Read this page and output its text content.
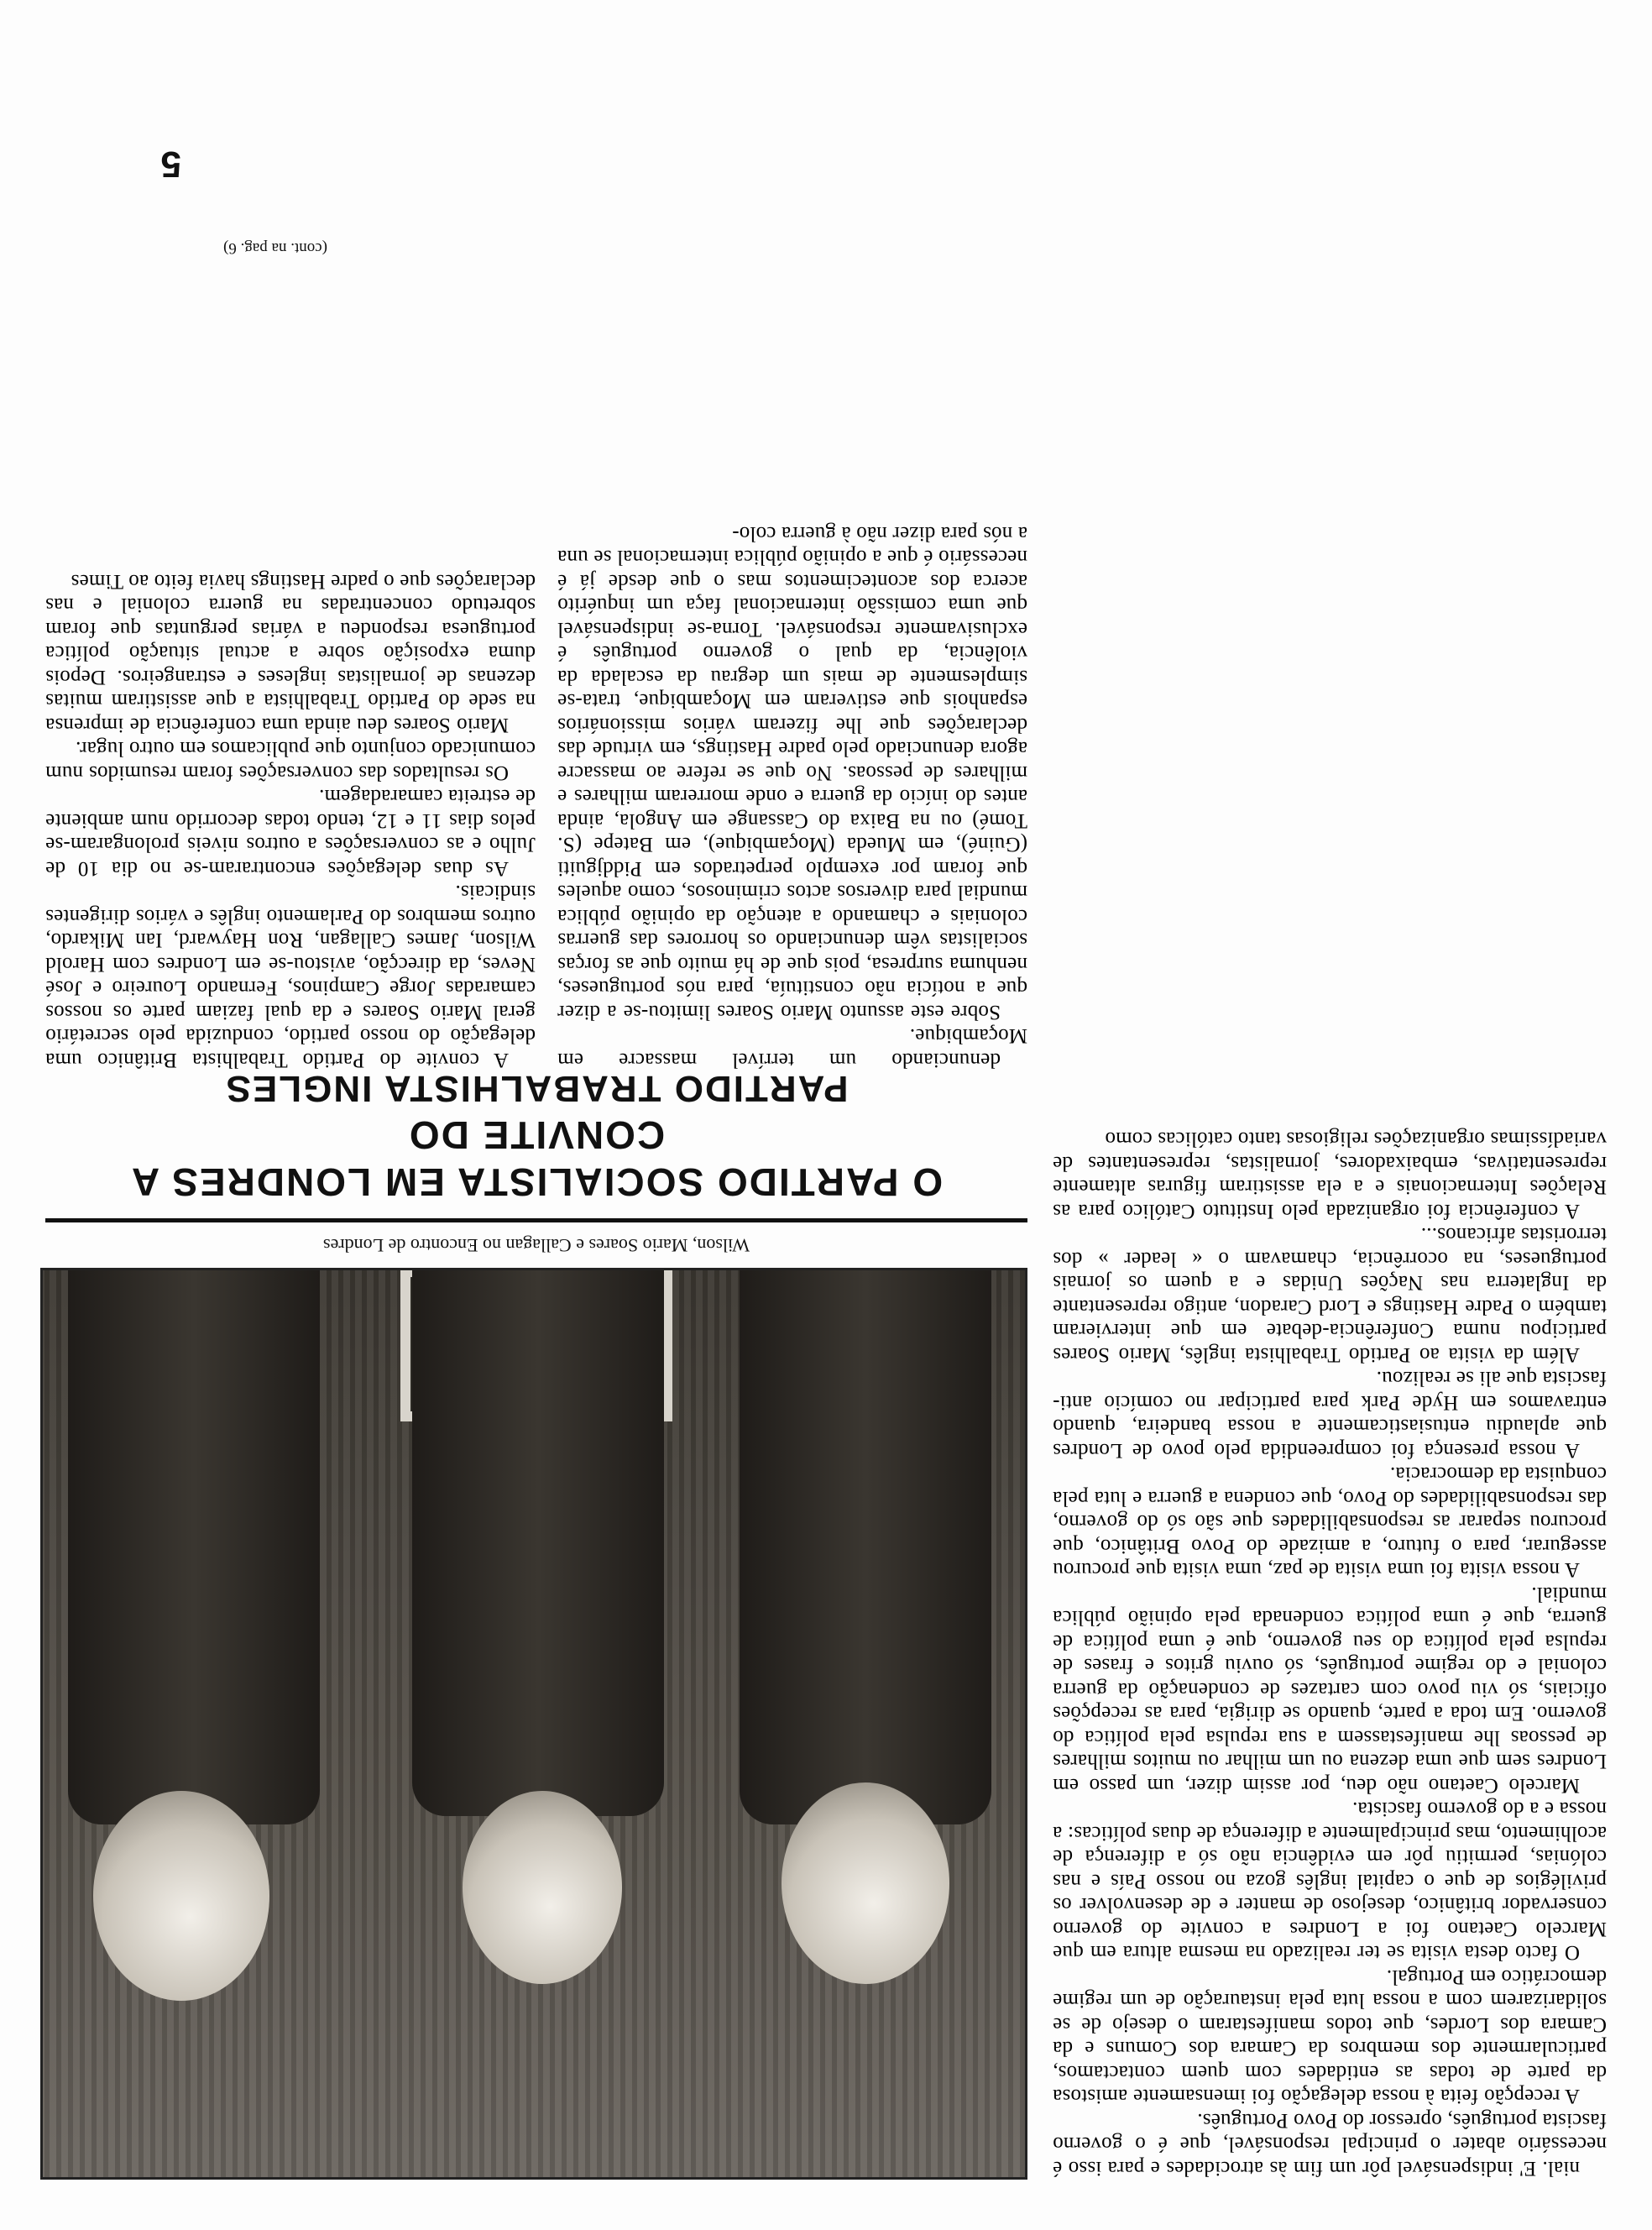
Wilson, Mario Soares e Callagan no Encontro de Londres
O PARTIDO SOCIALISTA EM LONDRES A CONVITE DO
PARTIDO TRABALHISTA INGLES
5
(cont. na pag. 6)

A convite do Partido Trabalhista Britânico uma delegação do nosso partido, conduzida pelo secretário geral Mario Soares e da qual faziam parte os nossos camaradas Jorge Campinos, Fernando Loureiro e José Neves, da direcção, avistou-se em Londres com Harold Wilson, James Callagan, Ron Hayward, Ian Mikardo, outros membros do Parlamento inglês e vários dirigentes sindicais.

As duas delegações encontraram-se no dia 10 de Julho e as conversações a outros niveis prolongaram-se pelos dias 11 e 12, tendo todas decorrido num ambiente de estreita camaradagem.

Os resultados das conversações foram resumidos num comunicado conjunto que publicamos em outro lugar.

Mario Soares deu ainda uma conferência de imprensa na sede do Partido Trabalhista a que assistiram muitas dezenas de jornalistas ingleses e estrangeiros. Depois duma exposição sobre a actual situação política portuguesa respondeu a várias perguntas que foram sobretudo concentradas na guerra colonial e nas declarações que o padre Hastings havia feito ao Times

denunciando um terrível massacre em Moçambique.

Sobre este assunto Mario Soares limitou-se a dizer que a notícia não constituía, para nós portugueses, nenhuma surpresa, pois que de há muito que as forças socialistas vêm denunciando os horrores das guerras coloniais e chamando a atenção da opinião pública mundial para diversos actos criminosos, como aqueles que foram por exemplo perpetrados em Piddjguiti (Guiné), em Mueda (Moçambique), em Batepe (S. Tomé) ou na Baixa do Cassange em Angola, ainda antes do início da guerra e onde morreram milhares e milhares de pessoas. No que se refere ao massacre agora denunciado pelo padre Hastings, em virtude das declarações que lhe fizeram vários missionários espanhois que estiveram em Moçambique, trata-se simplesmente de mais um degrau da escalada da violência, da qual o governo português é exclusivamente responsável. Torna-se indispensável que uma comissão internacional faça um inquérito acerca dos acontecimentos mas o que desde já é necessário é que a opinião pública internacional se una a nós para dizer não à guerra colo-

nial. E' indispensável pôr um fim às atrocidades e para isso é necessário abater o principal responsável, que é o governo fascista português, opressor do Povo Português.

A recepção feita à nossa delegação foi imensamente amistosa da parte de todas as entidades com quem contactamos, particularmente dos membros da Camara dos Comuns e da Camara dos Lordes, que todos manifestaram o desejo de se solidarizarem com a nossa luta pela instauração de um regime democrático em Portugal.

O facto desta visita se ter realizado na mesma altura em que Marcelo Caetano foi a Londres a convite do governo conservador britânico, desejoso de manter e de desenvolver os privilégios de que o capital inglês goza no nosso País e nas colónias, permitiu pôr em evidência não só a diferença de acolhimento, mas principalmente a diferença de duas políticas: a nossa e a do governo fascista.

Marcelo Caetano não deu, por assim dizer, um passo em Londres sem que uma dezena ou um milhar ou muitos milhares de pessoas lhe manifestassem a sua repulsa pela política do governo. Em toda a parte, quando se dirigia, para as recepções oficiais, só viu povo com cartazes de condenação da guerra colonial e do regime português, só ouviu gritos e frases de repulsa pela política do seu governo, que é uma política de guerra, que é uma política condenada pela opinião pública mundial.

A nossa visita foi uma visita de paz, uma visita que procurou assegurar, para o futuro, a amizade do Povo Britânico, que procurou separar as responsabilidades que são só do governo, das responsabilidades do Povo, que condena a guerra e luta pela conquista da democracia.

A nossa presença foi compreendida pelo povo de Londres que aplaudiu entusiasticamente a nossa bandeira, quando entravamos em Hyde Park para participar no comício anti-fascista que ali se realizou.

Além da visita ao Partido Trabalhista inglês, Mario Soares participou numa Conferência-debate em que intervieram também o Padre Hastings e Lord Caradon, antigo representante da Inglaterra nas Nações Unidas e a quem os jornais portugueses, na ocorrência, chamavam o « leader » dos terroristas africanos...

A conferência foi organizada pelo Instituto Católico para as Relações Internacionais e a ela assistiram figuras altamente representativas, embaixadores, jornalistas, representantes de variadíssimas organizações religiosas tanto católicas como
